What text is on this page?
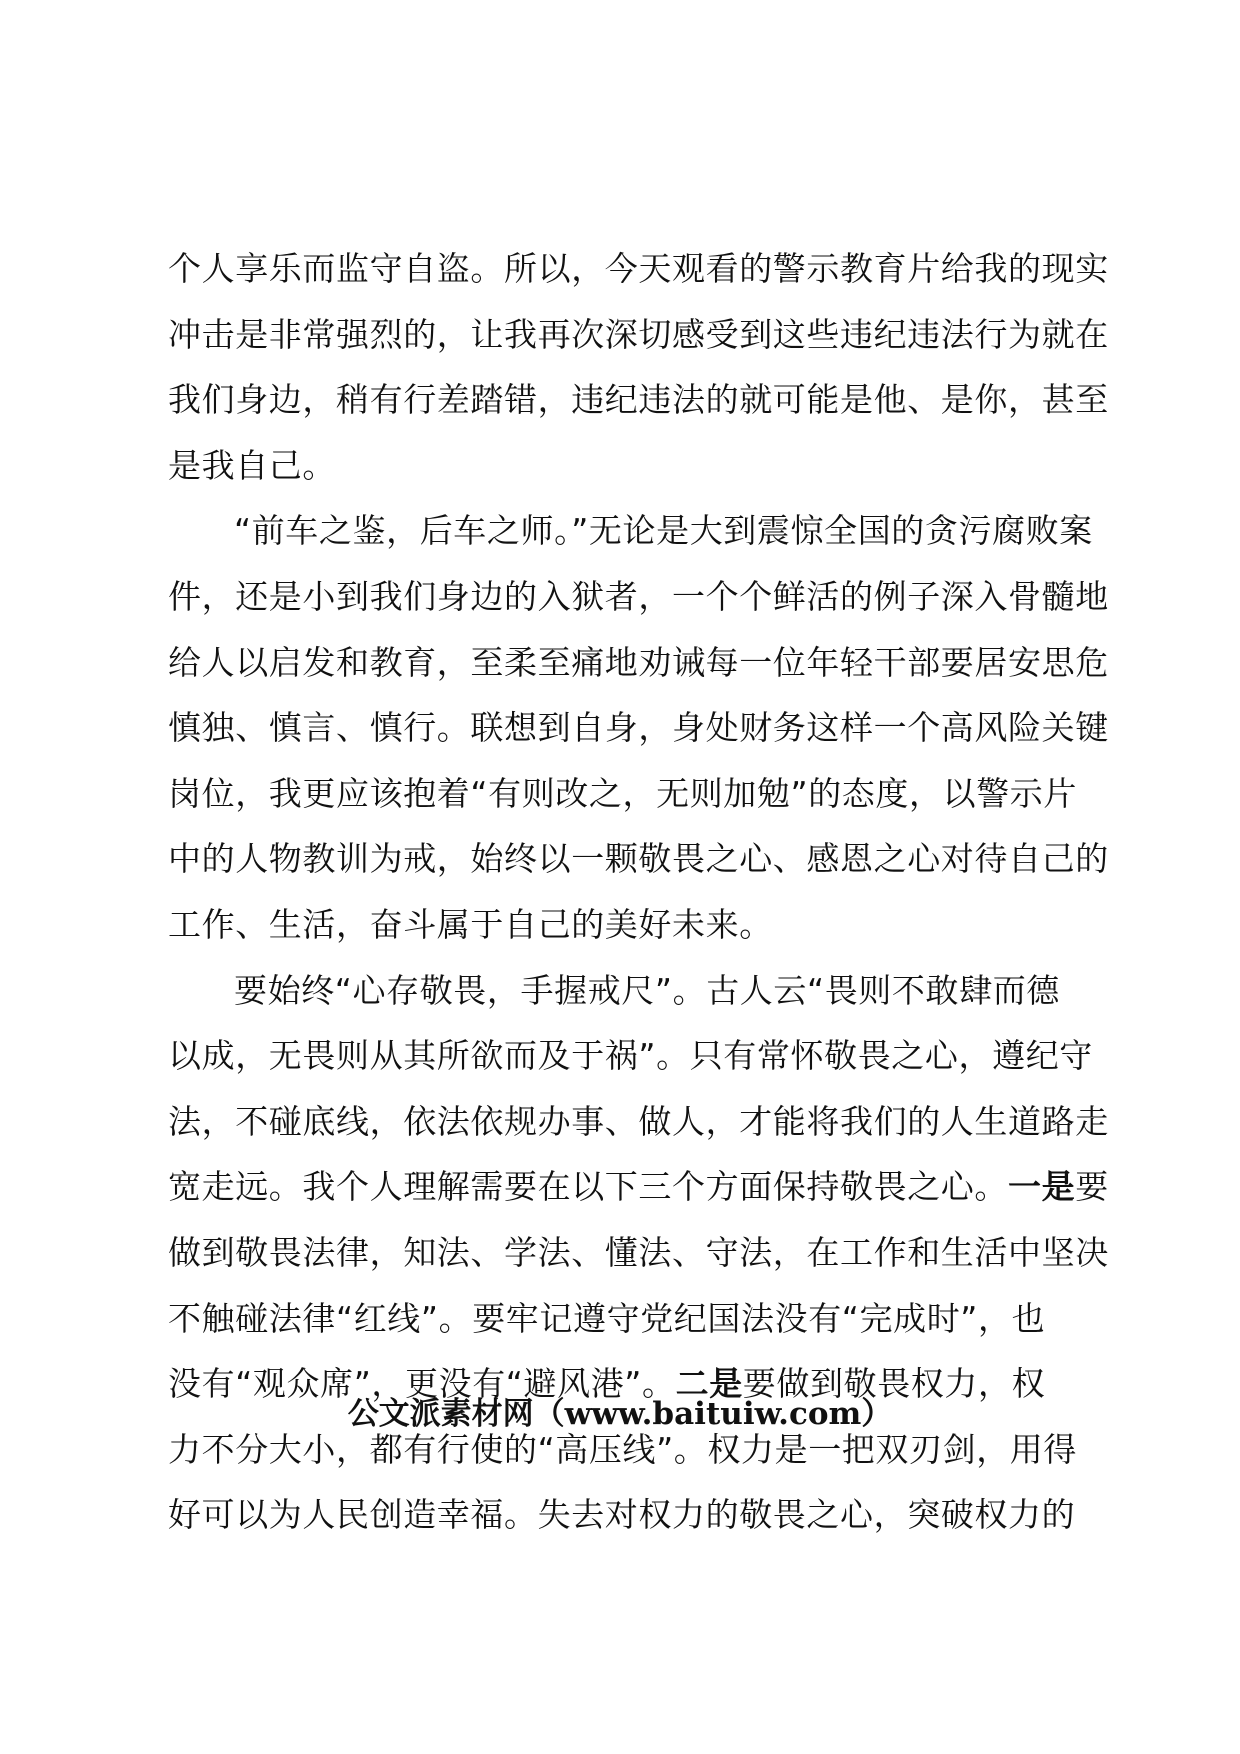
个人享乐而监守自盗。所以，今天观看的警示教育片给我的现实
冲击是非常强烈的，让我再次深切感受到这些违纪违法行为就在
我们身边，稍有行差踏错，违纪违法的就可能是他、是你，甚至
是我自己。
“前车之鉴，后车之师。”无论是大到震惊全国的贪污腐败案
件，还是小到我们身边的入狱者，一个个鲜活的例子深入骨髓地
给人以启发和教育，至柔至痛地劝诫每一位年轻干部要居安思危
慎独、慎言、慎行。联想到自身，身处财务这样一个高风险关键
岗位，我更应该抱着“有则改之，无则加勉”的态度，以警示片
中的人物教训为戒，始终以一颗敬畏之心、感恩之心对待自己的
工作、生活，奋斗属于自己的美好未来。
要始终“心存敬畏，手握戒尺”。古人云“畏则不敢肆而德
以成，无畏则从其所欲而及于祸”。只有常怀敬畏之心，遵纪守
法，不碰底线，依法依规办事、做人，才能将我们的人生道路走
宽走远。我个人理解需要在以下三个方面保持敬畏之心。一是要
做到敬畏法律，知法、学法、懂法、守法，在工作和生活中坚决
不触碰法律“红线”。要牢记遵守党纪国法没有“完成时”，也
没有“观众席”，更没有“避风港”。二是要做到敬畏权力，权
力不分大小，都有行使的“高压线”。权力是一把双刃剑，用得
好可以为人民创造幸福。失去对权力的敬畏之心，突破权力的
公文派素材网（www.baituiw.com）
